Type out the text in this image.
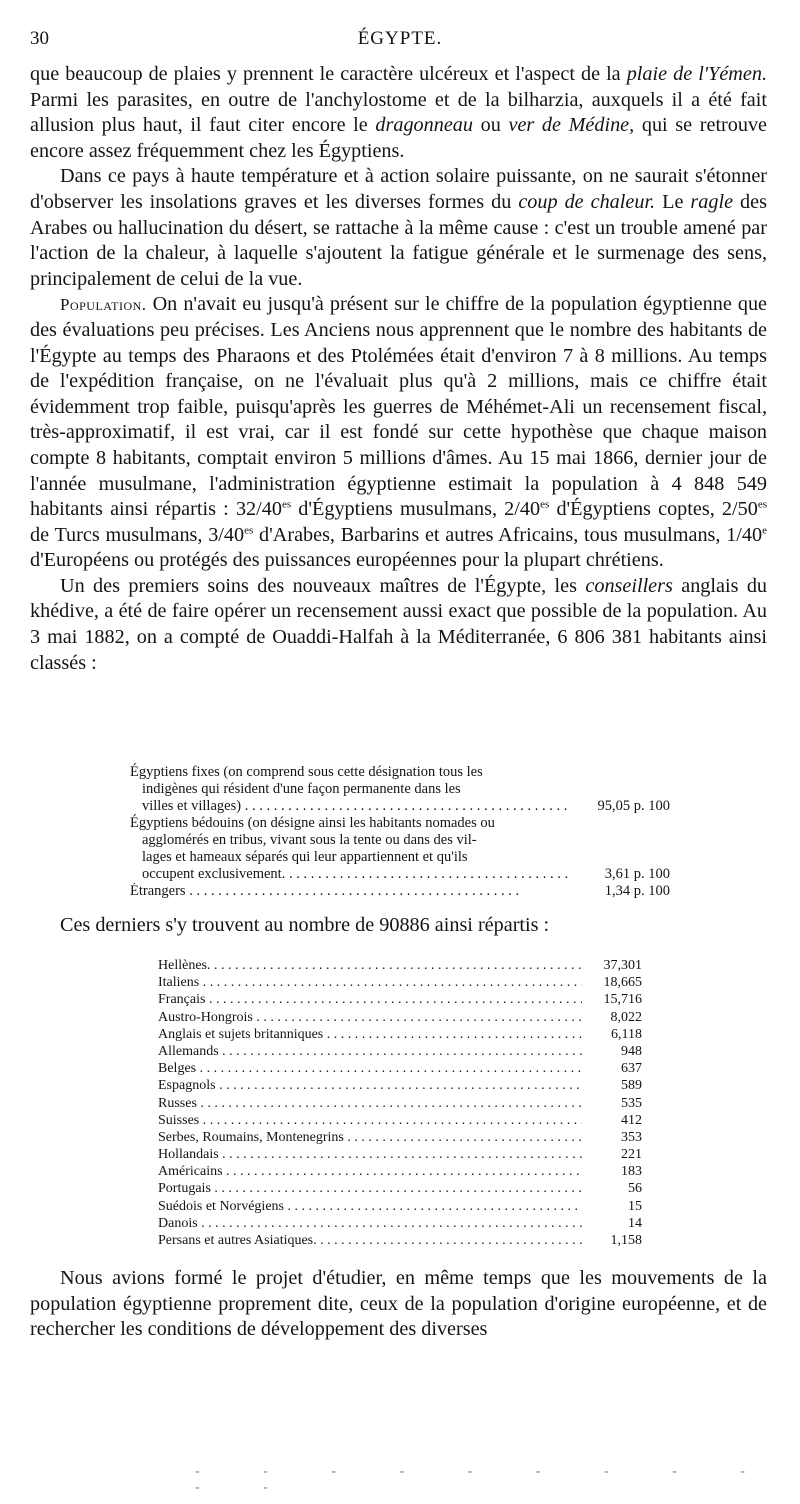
30	ÉGYPTE.

que beaucoup de plaies y prennent le caractère ulcéreux et l'aspect de la plaie de l'Yémen. Parmi les parasites, en outre de l'anchylostome et de la bilharzia, auxquels il a été fait allusion plus haut, il faut citer encore le dragonneau ou ver de Médine, qui se retrouve encore assez fréquemment chez les Égyptiens.

Dans ce pays à haute température et à action solaire puissante, on ne saurait s'étonner d'observer les insolations graves et les diverses formes du coup de chaleur. Le ragle des Arabes ou hallucination du désert, se rattache à la même cause : c'est un trouble amené par l'action de la chaleur, à laquelle s'ajoutent la fatigue générale et le surmenage des sens, principalement de celui de la vue.

Population. On n'avait eu jusqu'à présent sur le chiffre de la population égyptienne que des évaluations peu précises. Les Anciens nous apprennent que le nombre des habitants de l'Égypte au temps des Pharaons et des Ptolémées était d'environ 7 à 8 millions. Au temps de l'expédition française, on ne l'évaluait plus qu'à 2 millions, mais ce chiffre était évidemment trop faible, puisqu'après les guerres de Méhémet-Ali un recensement fiscal, très-approximatif, il est vrai, car il est fondé sur cette hypothèse que chaque maison compte 8 habitants, comptait environ 5 millions d'âmes. Au 15 mai 1866, dernier jour de l'année musulmane, l'administration égyptienne estimait la population à 4 848 549 habitants ainsi répartis : $32/40^{es}$ d'Égyptiens musulmans, $2/40^{es}$ d'Égyptiens coptes, $2/50^{es}$ de Turcs musulmans, $3/40^{es}$ d'Arabes, Barbarins et autres Africains, tous musulmans, 1/40e d'Européens ou protégés des puissances européennes pour la plupart chrétiens.

Un des premiers soins des nouveaux maîtres de l'Égypte, les conseillers anglais du khédive, a été de faire opérer un recensement aussi exact que possible de la population. Au 3 mai 1882, on a compté de Ouaddi-Halfah à la Méditerranée, 6 806 381 habitants ainsi classés :

Égyptiens fixes (on comprend sous cette désignation tous les
indigènes qui résident d'une façon permanente dans les
villes et villages) . . .	95,05 p. 100
Égyptiens bédouins (on désigne ainsi les habitants nomades ou
agglomérés en tribus, vivant sous la tente ou dans des vil-
lages et hameaux séparés qui leur appartiennent et qu'ils
occupent exclusivement. . . .	3,61 p. 100
Étrangers . . .	1,34 p. 100
Ces derniers s'y trouvent au nombre de 90886 ainsi répartis :
Hellènes. . . .	37,301
Italiens . . .	18,665
Français . . .	15,716
Austro-Hongrois . . .	8,022
Anglais et sujets britanniques . . .	6,118
Allemands . . .	948
Belges . . .	637
Espagnols . . .	589
Russes . . .	535
Suisses . . .	412
Serbes, Roumains, Montenegrins . . .	353
Hollandais . . .	221
Américains . . .	183
Portugais . . .	56
Suédois et Norvégiens . . .	15
Danois . . .	14
Persans et autres Asiatiques. . . .	1,158

Nous avions formé le projet d'étudier, en même temps que les mouvements de la population égyptienne proprement dite, ceux de la population d'origine européenne, et de rechercher les conditions de développement des diverses

- - - - - - - - - - -
